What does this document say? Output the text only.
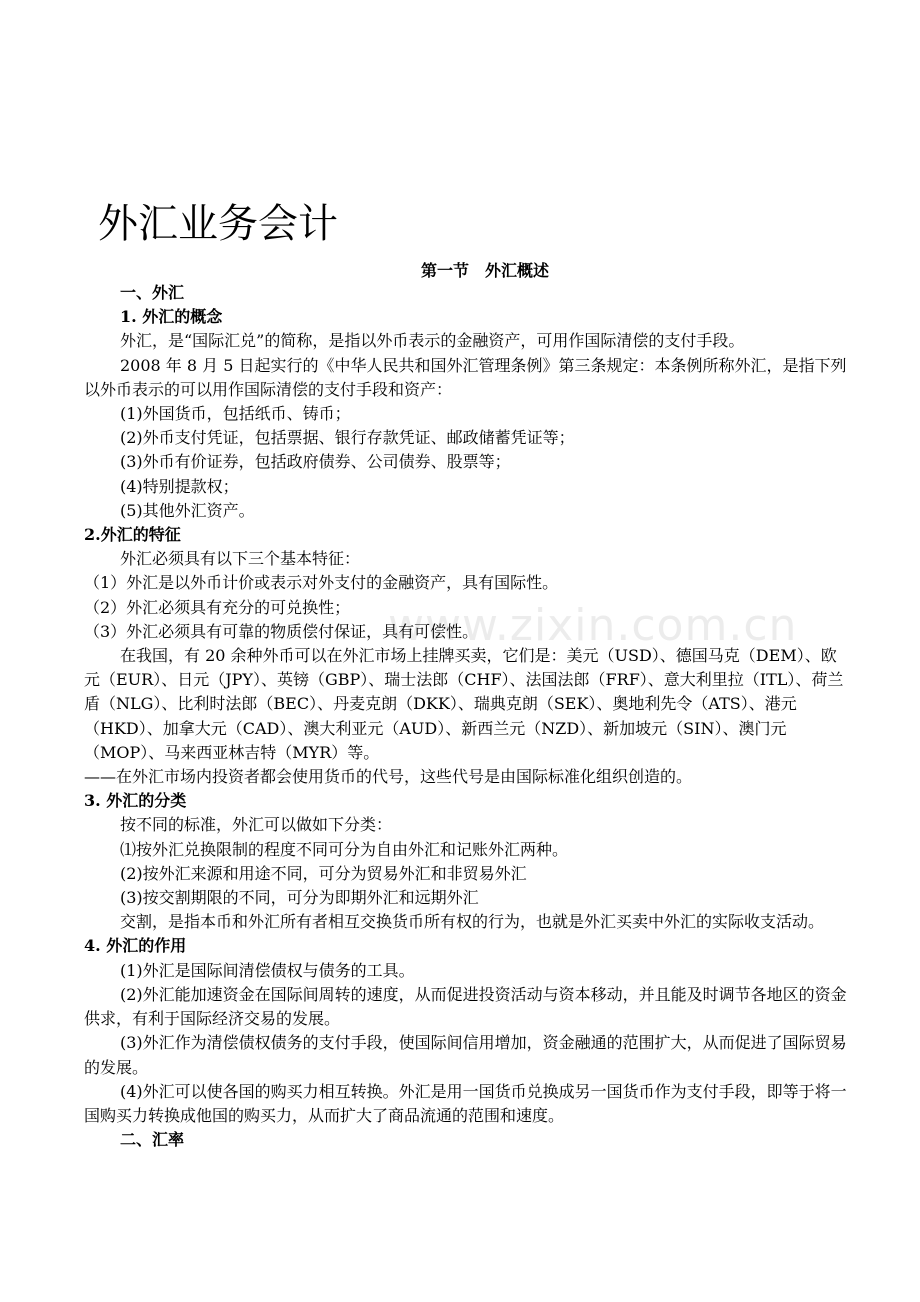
www.zixin.com.cn
外汇业务会计
第一节　外汇概述

一、外汇

1. 外汇的概念

外汇，是“国际汇兑”的简称，是指以外币表示的金融资产，可用作国际清偿的支付手段。

2008 年 8 月 5 日起实行的《中华人民共和国外汇管理条例》第三条规定：本条例所称外汇，是指下列以外币表示的可以用作国际清偿的支付手段和资产：

(1)外国货币，包括纸币、铸币；

(2)外币支付凭证，包括票据、银行存款凭证、邮政储蓄凭证等；

(3)外币有价证券，包括政府债券、公司债券、股票等；

(4)特别提款权；

(5)其他外汇资产。

2.外汇的特征

外汇必须具有以下三个基本特征：

（1）外汇是以外币计价或表示对外支付的金融资产，具有国际性。

（2）外汇必须具有充分的可兑换性；

（3）外汇必须具有可靠的物质偿付保证，具有可偿性。

在我国，有 20 余种外币可以在外汇市场上挂牌买卖，它们是：美元（USD）、德国马克（DEM）、欧元（EUR）、日元（JPY）、英镑（GBP）、瑞士法郎（CHF）、法国法郎（FRF）、意大利里拉（ITL）、荷兰盾（NLG）、比利时法郎（BEC）、丹麦克朗（DKK）、瑞典克朗（SEK）、奥地利先令（ATS）、港元（HKD）、加拿大元（CAD）、澳大利亚元（AUD）、新西兰元（NZD）、新加坡元（SIN）、澳门元（MOP）、马来西亚林吉特（MYR）等。

——在外汇市场内投资者都会使用货币的代号，这些代号是由国际标准化组织创造的。

3. 外汇的分类

按不同的标准，外汇可以做如下分类：

⑴按外汇兑换限制的程度不同可分为自由外汇和记账外汇两种。

(2)按外汇来源和用途不同，可分为贸易外汇和非贸易外汇

(3)按交割期限的不同，可分为即期外汇和远期外汇

交割，是指本币和外汇所有者相互交换货币所有权的行为，也就是外汇买卖中外汇的实际收支活动。

4. 外汇的作用

(1)外汇是国际间清偿债权与债务的工具。

(2)外汇能加速资金在国际间周转的速度，从而促进投资活动与资本移动，并且能及时调节各地区的资金供求，有利于国际经济交易的发展。

(3)外汇作为清偿债权债务的支付手段，使国际间信用增加，资金融通的范围扩大，从而促进了国际贸易的发展。

(4)外汇可以使各国的购买力相互转换。外汇是用一国货币兑换成另一国货币作为支付手段，即等于将一国购买力转换成他国的购买力，从而扩大了商品流通的范围和速度。

二、汇率
